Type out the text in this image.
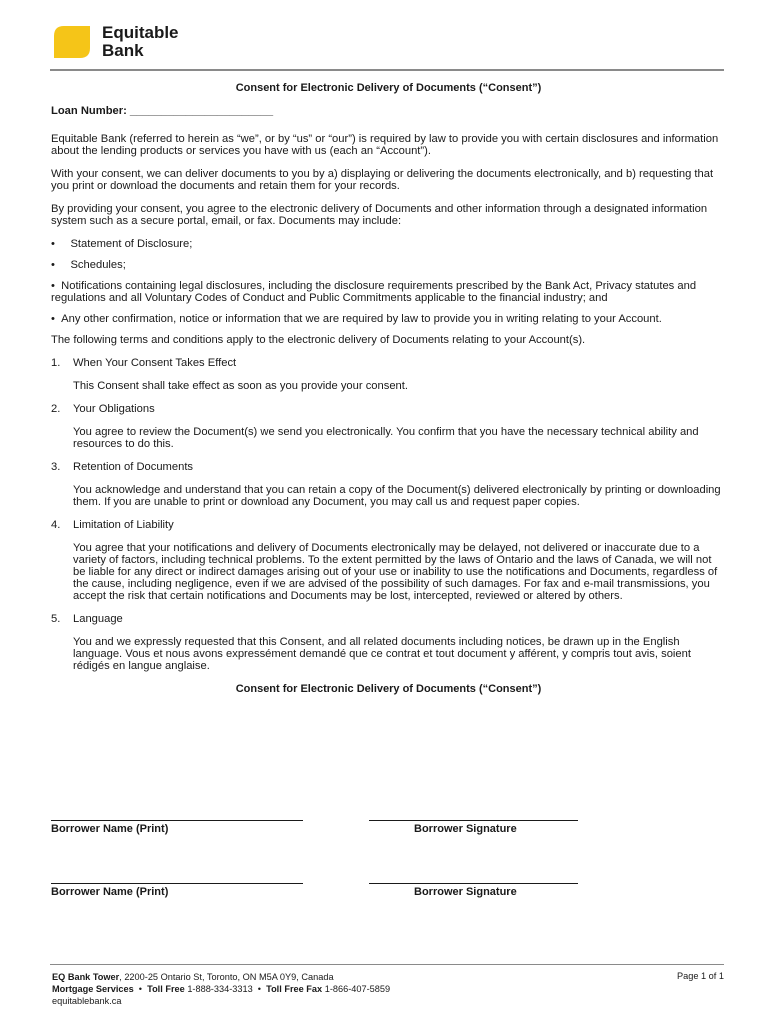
Equitable
Bank
Consent for Electronic Delivery of Documents (“Consent”)
Loan Number: _______________________

Equitable Bank (referred to herein as “we”, or by “us” or “our”) is required by law to provide you with certain disclosures and information about the lending products or services you have with us (each an “Account”).

With your consent, we can deliver documents to you by a) displaying or delivering the documents electronically, and b) requesting that you print or download the documents and retain them for your records.

By providing your consent, you agree to the electronic delivery of Documents and other information through a designated information system such as a secure portal, email, or fax. Documents may include:

•     Statement of Disclosure;
•     Schedules;
•  Notifications containing legal disclosures, including the disclosure requirements prescribed by the Bank Act, Privacy statutes and regulations and all Voluntary Codes of Conduct and Public Commitments applicable to the financial industry; and
•  Any other confirmation, notice or information that we are required by law to provide you in writing relating to your Account.

The following terms and conditions apply to the electronic delivery of Documents relating to your Account(s).

1.	When Your Consent Takes Effect
This Consent shall take effect as soon as you provide your consent.
2.	Your Obligations
You agree to review the Document(s) we send you electronically. You confirm that you have the necessary technical ability and resources to do this.
3.	Retention of Documents
You acknowledge and understand that you can retain a copy of the Document(s) delivered electronically by printing or downloading them. If you are unable to print or download any Document, you may call us and request paper copies.
4.	Limitation of Liability
You agree that your notifications and delivery of Documents electronically may be delayed, not delivered or inaccurate due to a variety of factors, including technical problems. To the extent permitted by the laws of Ontario and the laws of Canada, we will not be liable for any direct or indirect damages arising out of your use or inability to use the notifications and Documents, regardless of the cause, including negligence, even if we are advised of the possibility of such damages. For fax and e-mail transmissions, you accept the risk that certain notifications and Documents may be lost, intercepted, reviewed or altered by others.
5.	Language
You and we expressly requested that this Consent, and all related documents including notices, be drawn up in the English language. Vous et nous avons expressément demandé que ce contrat et tout document y afférent, y compris tout avis, soient rédigés en langue anglaise.
Consent for Electronic Delivery of Documents (“Consent”)
Borrower Name (Print)	Borrower Signature
Borrower Name (Print)	Borrower Signature
EQ Bank Tower, 2200-25 Ontario St, Toronto, ON M5A 0Y9, Canada
Mortgage Services  •  Toll Free 1-888-334-3313  •  Toll Free Fax 1-866-407-5859
equitablebank.ca
Page 1 of 1
